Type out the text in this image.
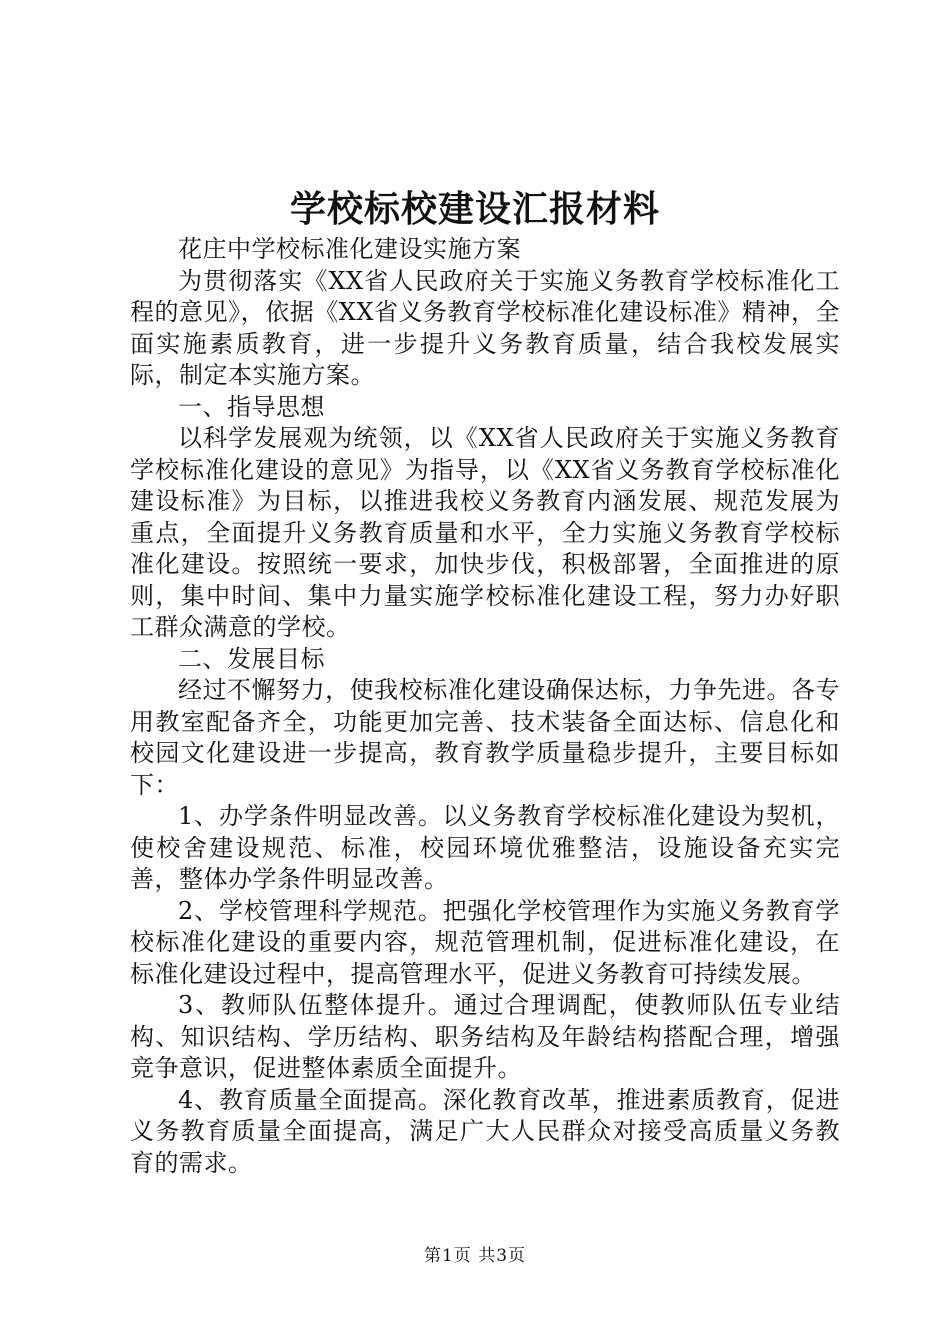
学校标校建设汇报材料

花庄中学校标准化建设实施方案

为贯彻落实《XX省人民政府关于实施义务教育学校标准化工程的意见》，依据《XX省义务教育学校标准化建设标准》精神，全面实施素质教育，进一步提升义务教育质量，结合我校发展实际，制定本实施方案。

一、指导思想

以科学发展观为统领，以《XX省人民政府关于实施义务教育学校标准化建设的意见》为指导，以《XX省义务教育学校标准化建设标准》为目标，以推进我校义务教育内涵发展、规范发展为重点，全面提升义务教育质量和水平，全力实施义务教育学校标准化建设。按照统一要求，加快步伐，积极部署，全面推进的原则，集中时间、集中力量实施学校标准化建设工程，努力办好职工群众满意的学校。

二、发展目标

经过不懈努力，使我校标准化建设确保达标，力争先进。各专用教室配备齐全，功能更加完善、技术装备全面达标、信息化和校园文化建设进一步提高，教育教学质量稳步提升，主要目标如下：

1、办学条件明显改善。以义务教育学校标准化建设为契机，使校舍建设规范、标准，校园环境优雅整洁，设施设备充实完善，整体办学条件明显改善。

2、学校管理科学规范。把强化学校管理作为实施义务教育学校标准化建设的重要内容，规范管理机制，促进标准化建设，在标准化建设过程中，提高管理水平，促进义务教育可持续发展。

3、教师队伍整体提升。通过合理调配，使教师队伍专业结构、知识结构、学历结构、职务结构及年龄结构搭配合理，增强竞争意识，促进整体素质全面提升。

4、教育质量全面提高。深化教育改革，推进素质教育，促进义务教育质量全面提高，满足广大人民群众对接受高质量义务教育的需求。

第1页 共3页
